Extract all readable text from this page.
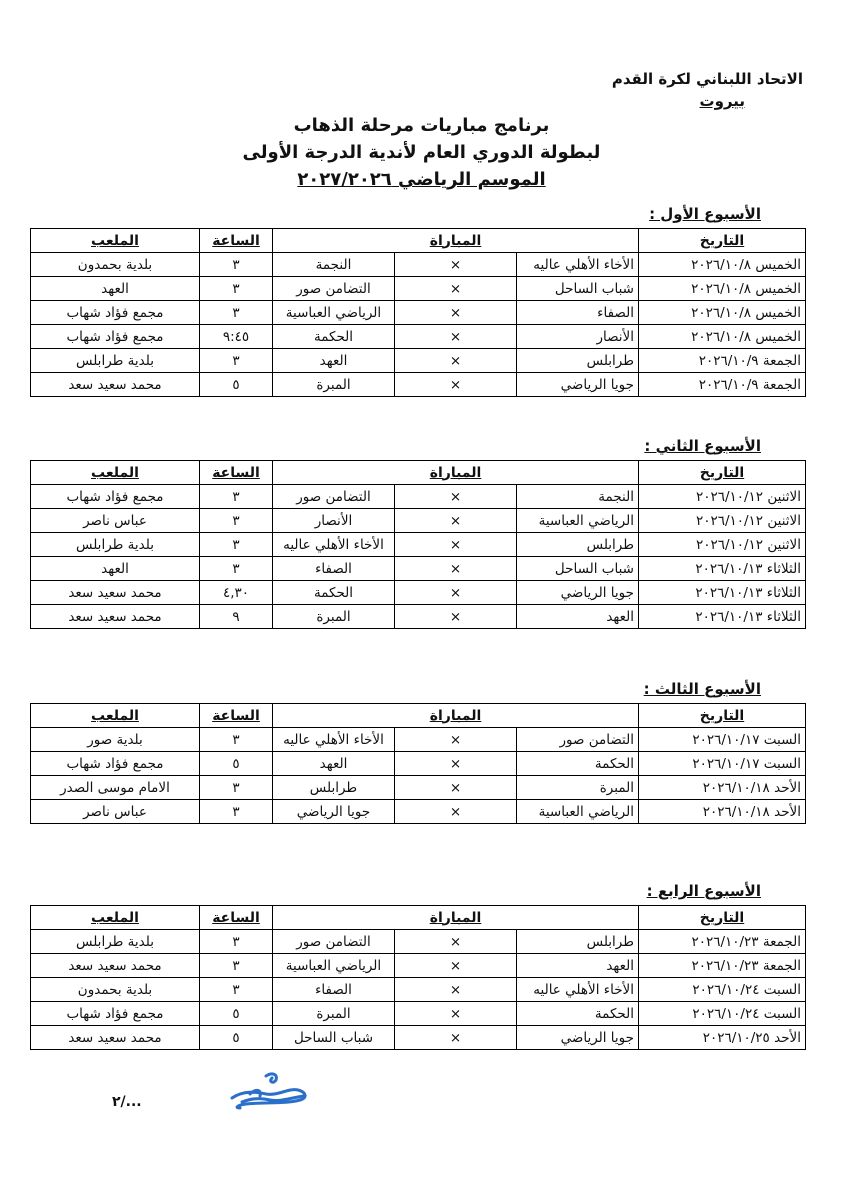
الاتحاد اللبناني لكرة القدم
بيروت
برنامج مباريات مرحلة الذهاب
لبطولة الدوري العام لأندية الدرجة الأولى
الموسم الرياضي ٢٠٢٧/٢٠٢٦
الأسبوع الأول :
التاريخ	المباراة			الساعة	الملعب
الخميس ٢٠٢٦/١٠/٨	الأخاء الأهلي عاليه	×	النجمة	٣	بلدية بحمدون
الخميس ٢٠٢٦/١٠/٨	شباب الساحل	×	التضامن صور	٣	العهد
الخميس ٢٠٢٦/١٠/٨	الصفاء	×	الرياضي العباسية	٣	مجمع فؤاد شهاب
الخميس ٢٠٢٦/١٠/٨	الأنصار	×	الحكمة	٩:٤٥	مجمع فؤاد شهاب
الجمعة ٢٠٢٦/١٠/٩	طرابلس	×	العهد	٣	بلدية طرابلس
الجمعة ٢٠٢٦/١٠/٩	جويا الرياضي	×	المبرة	٥	محمد سعيد سعد
الأسبوع الثاني :
التاريخ	المباراة			الساعة	الملعب
الاثنين ٢٠٢٦/١٠/١٢	النجمة	×	التضامن صور	٣	مجمع فؤاد شهاب
الاثنين ٢٠٢٦/١٠/١٢	الرياضي العباسية	×	الأنصار	٣	عباس ناصر
الاثنين ٢٠٢٦/١٠/١٢	طرابلس	×	الأخاء الأهلي عاليه	٣	بلدية طرابلس
الثلاثاء ٢٠٢٦/١٠/١٣	شباب الساحل	×	الصفاء	٣	العهد
الثلاثاء ٢٠٢٦/١٠/١٣	جويا الرياضي	×	الحكمة	٤,٣٠	محمد سعيد سعد
الثلاثاء ٢٠٢٦/١٠/١٣	العهد	×	المبرة	٩	محمد سعيد سعد
الأسبوع الثالث :
التاريخ	المباراة			الساعة	الملعب
السبت ٢٠٢٦/١٠/١٧	التضامن صور	×	الأخاء الأهلي عاليه	٣	بلدية صور
السبت ٢٠٢٦/١٠/١٧	الحكمة	×	العهد	٥	مجمع فؤاد شهاب
الأحد ٢٠٢٦/١٠/١٨	المبرة	×	طرابلس	٣	الامام موسى الصدر
الأحد ٢٠٢٦/١٠/١٨	الرياضي العباسية	×	جويا الرياضي	٣	عباس ناصر
الأسبوع الرابع :
التاريخ	المباراة			الساعة	الملعب
الجمعة ٢٠٢٦/١٠/٢٣	طرابلس	×	التضامن صور	٣	بلدية طرابلس
الجمعة ٢٠٢٦/١٠/٢٣	العهد	×	الرياضي العباسية	٣	محمد سعيد سعد
السبت ٢٠٢٦/١٠/٢٤	الأخاء الأهلي عاليه	×	الصفاء	٣	بلدية بحمدون
السبت ٢٠٢٦/١٠/٢٤	الحكمة	×	المبرة	٥	مجمع فؤاد شهاب
الأحد ٢٠٢٦/١٠/٢٥	جويا الرياضي	×	شباب الساحل	٥	محمد سعيد سعد
٢/...
